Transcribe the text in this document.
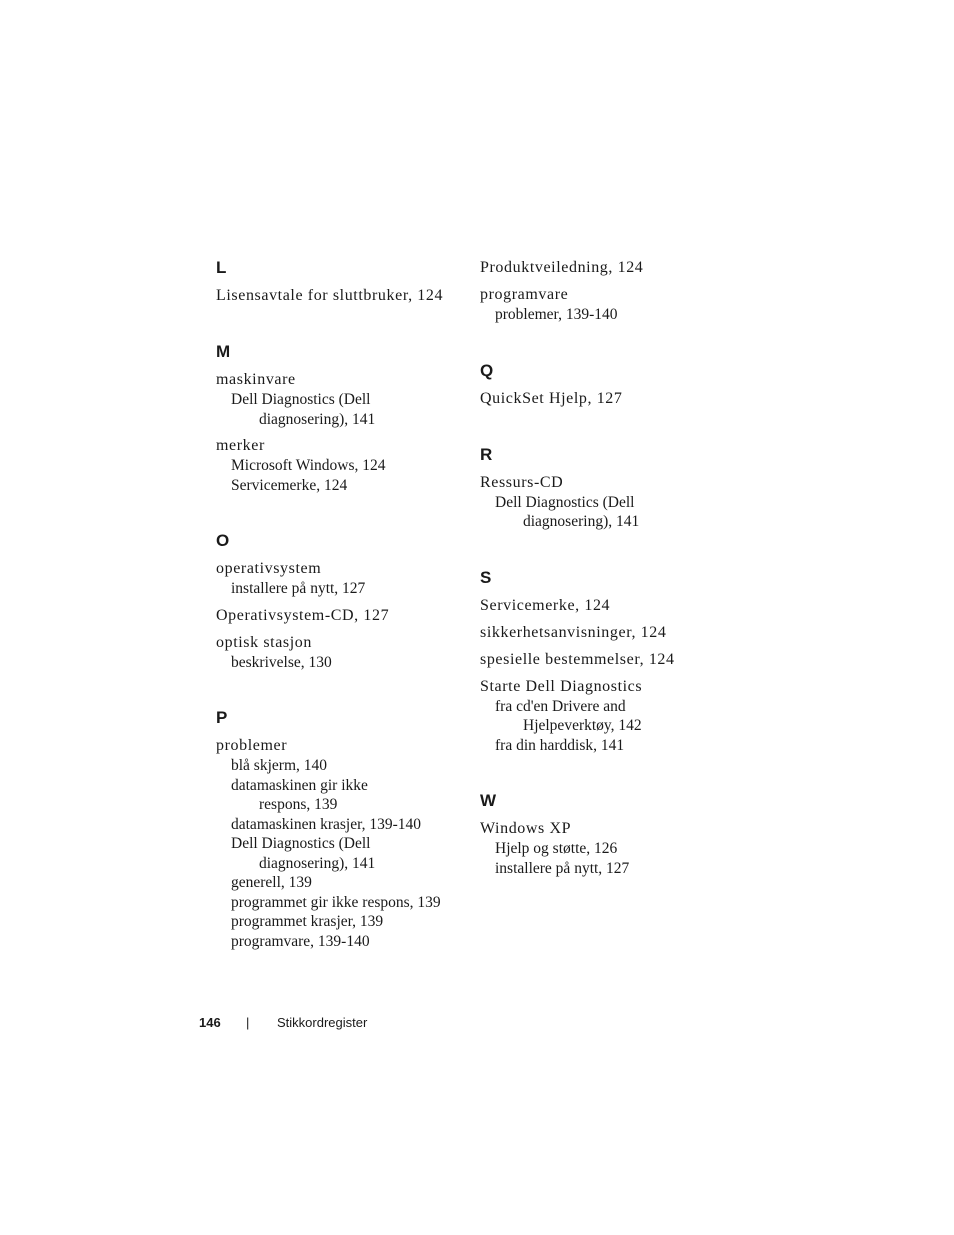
L
Lisensavtale for sluttbruker, 124
M
maskinvare
Dell Diagnostics (Dell
diagnosering), 141
merker
Microsoft Windows, 124
Servicemerke, 124
O
operativsystem
installere på nytt, 127
Operativsystem-CD, 127
optisk stasjon
beskrivelse, 130
P
problemer
blå skjerm, 140
datamaskinen gir ikke
respons, 139
datamaskinen krasjer, 139-140
Dell Diagnostics (Dell
diagnosering), 141
generell, 139
programmet gir ikke respons, 139
programmet krasjer, 139
programvare, 139-140
Produktveiledning, 124
programvare
problemer, 139-140
Q
QuickSet Hjelp, 127
R
Ressurs-CD
Dell Diagnostics (Dell
diagnosering), 141
S
Servicemerke, 124
sikkerhetsanvisninger, 124
spesielle bestemmelser, 124
Starte Dell Diagnostics
fra cd'en Drivere and
Hjelpeverktøy, 142
fra din harddisk, 141
W
Windows XP
Hjelp og støtte, 126
installere på nytt, 127
146 | Stikkordregister
